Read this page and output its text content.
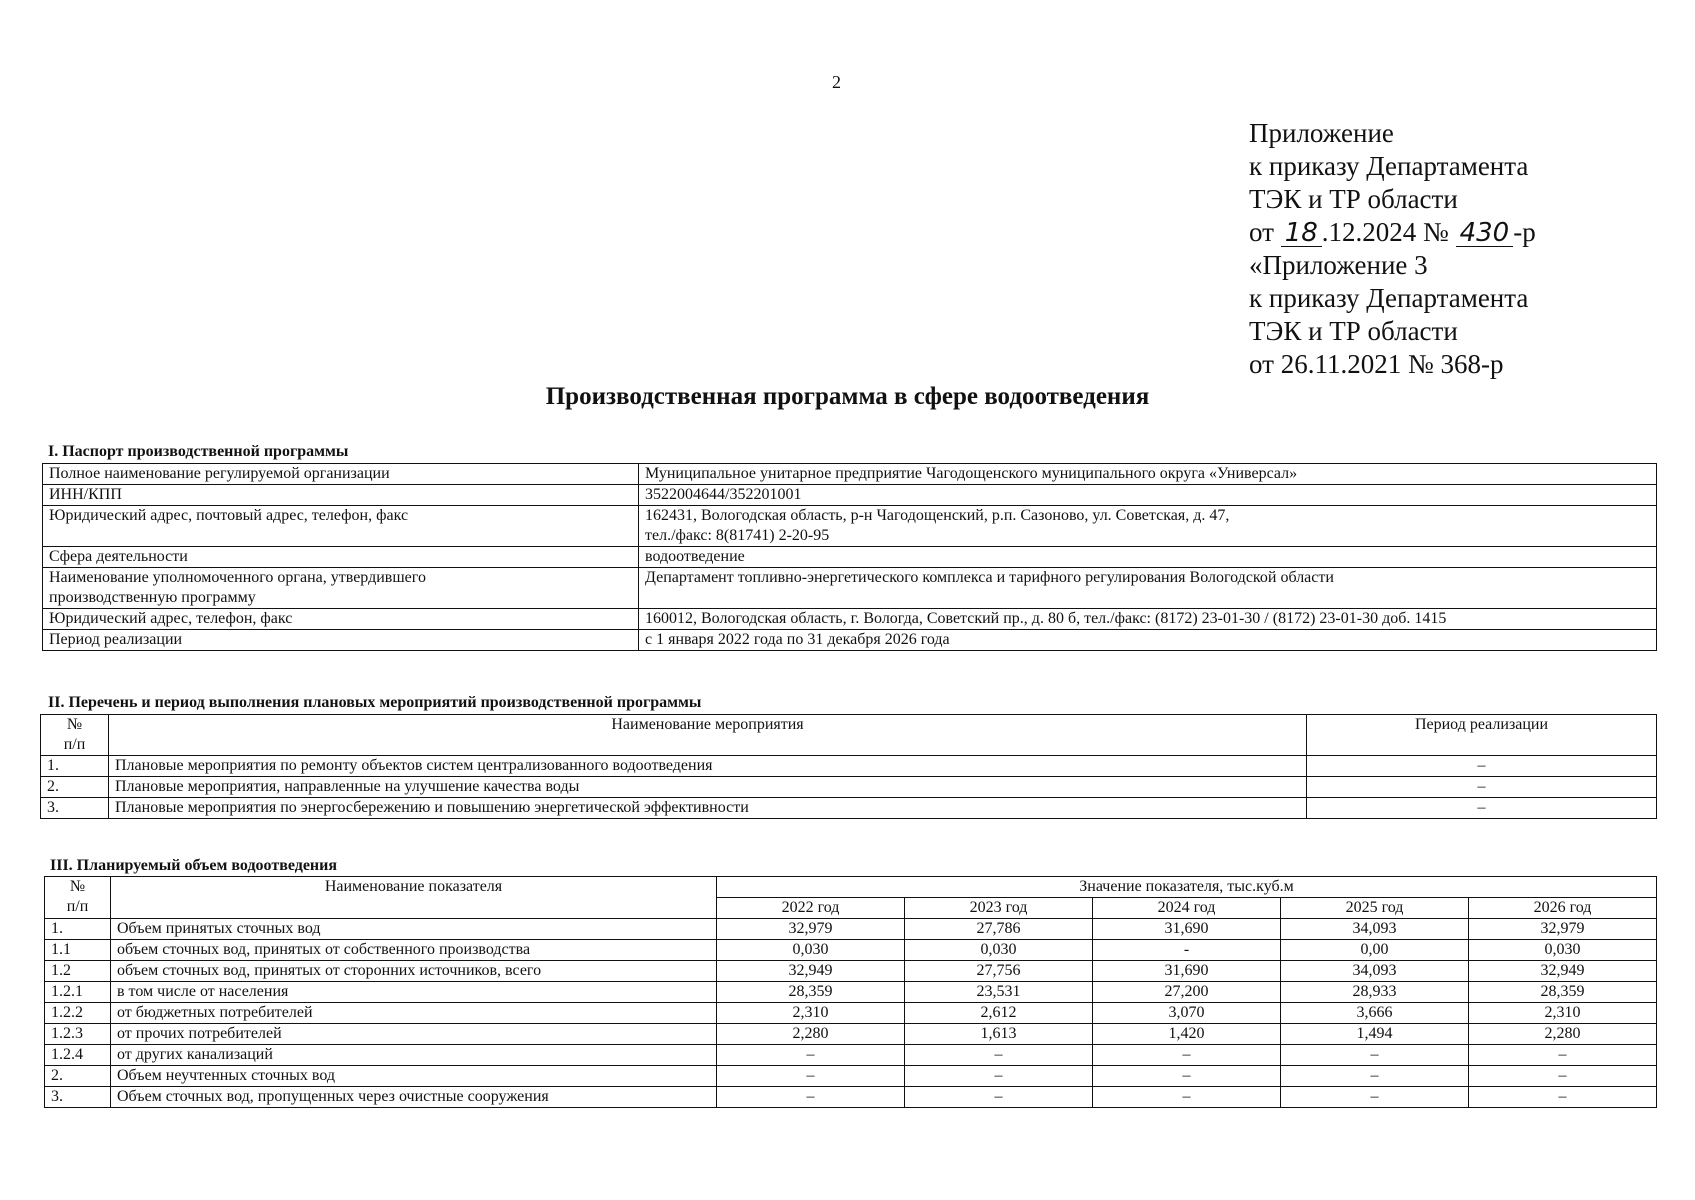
2
Приложение
к приказу Департамента
ТЭК и ТР области
от 18 .12.2024 № 430 -р
«Приложение 3
к приказу Департамента
ТЭК и ТР области
от 26.11.2021 № 368-р
Производственная программа в сфере водоотведения
I. Паспорт производственной программы
Полное наименование регулируемой организации	Муниципальное унитарное предприятие Чагодощенского муниципального округа «Универсал»
ИНН/КПП	3522004644/352201001
Юридический адрес, почтовый адрес, телефон, факс	162431, Вологодская область, р-н Чагодощенский, р.п. Сазоново, ул. Советская, д. 47,
тел./факс: 8(81741) 2-20-95

Сфера деятельности	водоотведение

Наименование уполномоченного органа, утвердившего
производственную программу	Департамент топливно-энергетического комплекса и тарифного регулирования Вологодской области
Юридический адрес, телефон, факс	160012, Вологодская область, г. Вологда, Советский пр., д. 80 б, тел./факс: (8172) 23-01-30 / (8172) 23-01-30 доб. 1415
Период реализации	с 1 января 2022 года по 31 декабря 2026 года
II. Перечень и период выполнения плановых мероприятий производственной программы
№
п/п	Наименование мероприятия	Период реализации
1.	Плановые мероприятия по ремонту объектов систем централизованного водоотведения	–
2.	Плановые мероприятия, направленные на улучшение качества воды	–
3.	Плановые мероприятия по энергосбережению и повышению энергетической эффективности	–
III. Планируемый объем водоотведения
№
п/п	Наименование показателя	Значение показателя, тыс.куб.м				
		2022 год	2023 год	2024 год	2025 год	2026 год
1.	Объем принятых сточных вод	32,979	27,786	31,690	34,093	32,979
1.1	объем сточных вод, принятых от собственного производства	0,030	0,030	-	0,00	0,030
1.2	объем сточных вод, принятых от сторонних источников, всего	32,949	27,756	31,690	34,093	32,949
1.2.1	в том числе от населения	28,359	23,531	27,200	28,933	28,359
1.2.2	от бюджетных потребителей	2,310	2,612	3,070	3,666	2,310
1.2.3	от прочих потребителей	2,280	1,613	1,420	1,494	2,280
1.2.4	от других канализаций	–	–	–	–	–
2.	Объем неучтенных сточных вод	–	–	–	–	–
3.	Объем сточных вод, пропущенных через очистные сооружения	–	–	–	–	–
